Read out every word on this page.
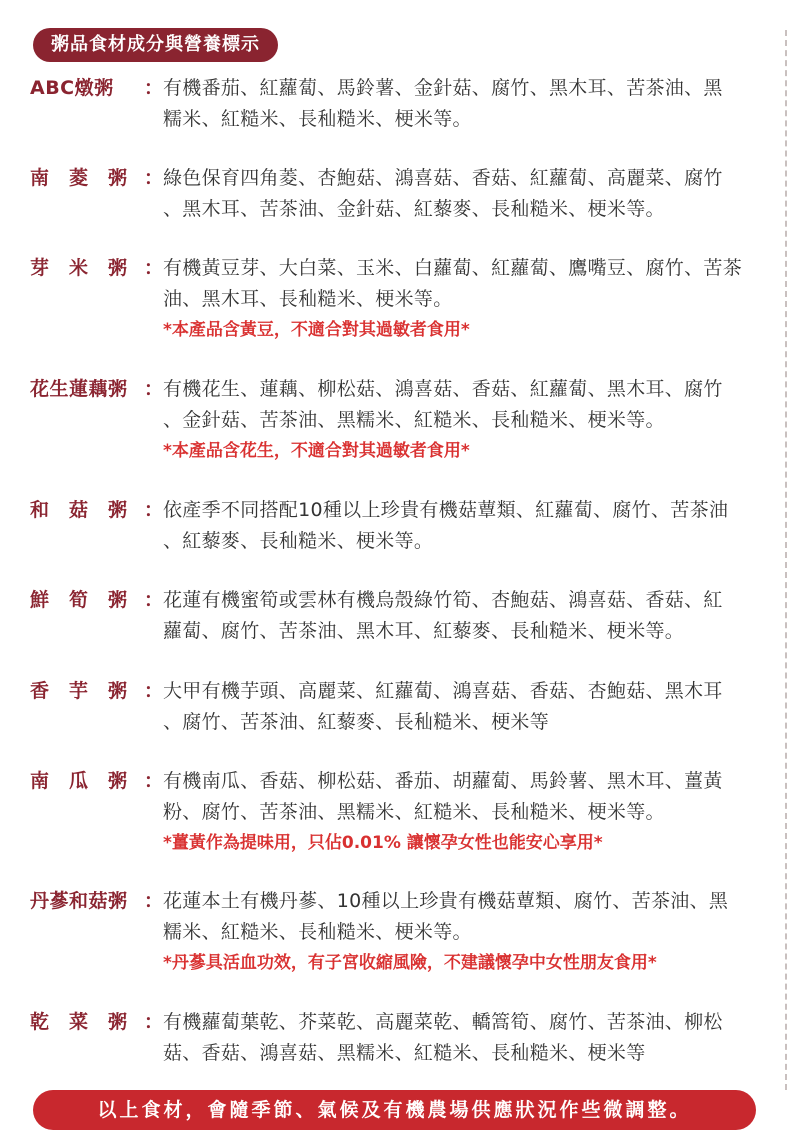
粥品食材成分與營養標示
ABC燉粥	： 有機番茄、紅蘿蔔、馬鈴薯、金針菇、腐竹、黑木耳、苦茶油、黑
糯米、紅糙米、長秈糙米、梗米等。
南　菱　粥 ： 綠色保育四角菱、杏鮑菇、鴻喜菇、香菇、紅蘿蔔、高麗菜、腐竹
、黑木耳、苦茶油、金針菇、紅藜麥、長秈糙米、梗米等。
芽　米　粥 ： 有機黃豆芽、大白菜、玉米、白蘿蔔、紅蘿蔔、鷹嘴豆、腐竹、苦茶
油、黑木耳、長秈糙米、梗米等。
*本產品含黃豆，不適合對其過敏者食用*
花生蓮藕粥 ： 有機花生、蓮藕、柳松菇、鴻喜菇、香菇、紅蘿蔔、黑木耳、腐竹
、金針菇、苦茶油、黑糯米、紅糙米、長秈糙米、梗米等。
*本產品含花生，不適合對其過敏者食用*
和　菇　粥 ： 依產季不同搭配10種以上珍貴有機菇蕈類、紅蘿蔔、腐竹、苦茶油
、紅藜麥、長秈糙米、梗米等。
鮮　筍　粥 ： 花蓮有機蜜筍或雲林有機烏殼綠竹筍、杏鮑菇、鴻喜菇、香菇、紅
蘿蔔、腐竹、苦茶油、黑木耳、紅藜麥、長秈糙米、梗米等。
香　芋　粥 ： 大甲有機芋頭、高麗菜、紅蘿蔔、鴻喜菇、香菇、杏鮑菇、黑木耳
、腐竹、苦茶油、紅藜麥、長秈糙米、梗米等
南　瓜　粥 ： 有機南瓜、香菇、柳松菇、番茄、胡蘿蔔、馬鈴薯、黑木耳、薑黃
粉、腐竹、苦茶油、黑糯米、紅糙米、長秈糙米、梗米等。
*薑黃作為提味用，只佔0.01% 讓懷孕女性也能安心享用*
丹蔘和菇粥 ： 花蓮本土有機丹蔘、10種以上珍貴有機菇蕈類、腐竹、苦茶油、黑
糯米、紅糙米、長秈糙米、梗米等。
*丹蔘具活血功效，有子宮收縮風險，不建議懷孕中女性朋友食用*
乾　菜　粥 ： 有機蘿蔔葉乾、芥菜乾、高麗菜乾、轎篙筍、腐竹、苦茶油、柳松
菇、香菇、鴻喜菇、黑糯米、紅糙米、長秈糙米、梗米等
以上食材，會隨季節、氣候及有機農場供應狀況作些微調整。
